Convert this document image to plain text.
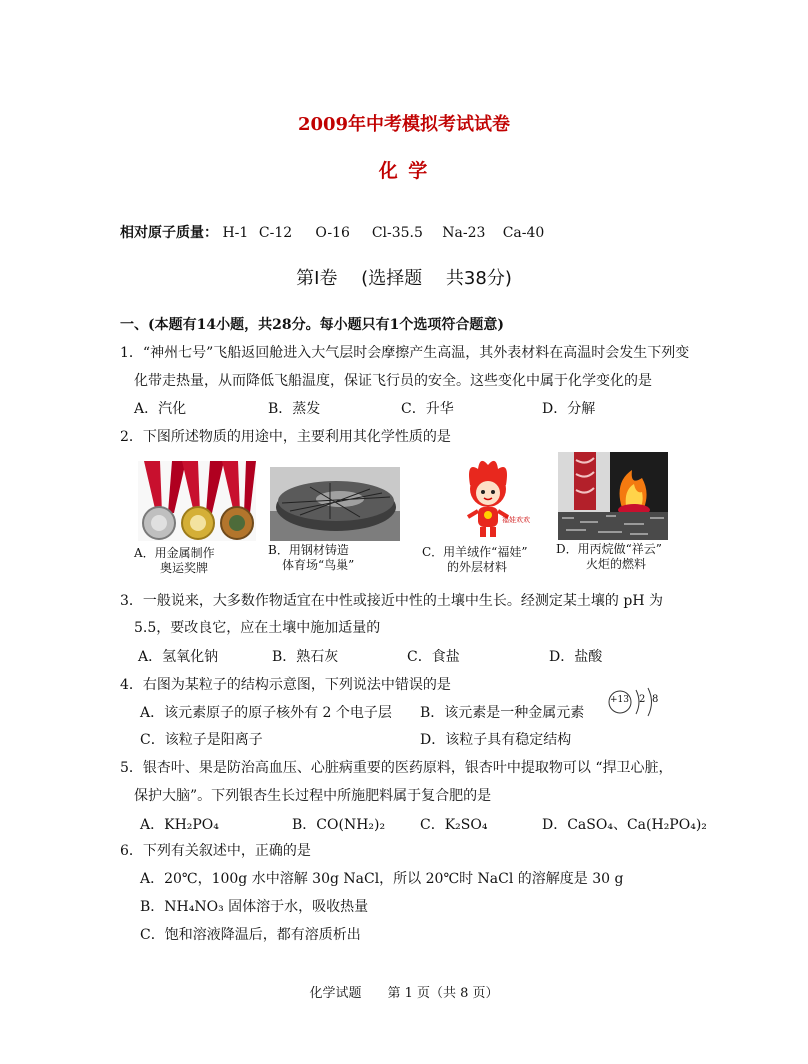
2009年中考模拟考试试卷
化 学
相对原子质量： H-1 C-12 O-16 Cl-35.5 Na-23 Ca-40
第Ⅰ卷　 (选择题　 共38分)
一、(本题有14小题，共28分。每小题只有1个选项符合题意)
1．“神州七号”飞船返回舱进入大气层时会摩擦产生高温，其外表材料在高温时会发生下列变
化带走热量，从而降低飞船温度，保证飞行员的安全。这些变化中属于化学变化的是
A．汽化	B．蒸发	C．升华	D．分解
2．下图所述物质的用途中，主要利用其化学性质的是
A．用金属制作
奥运奖牌
B．用钢材铸造
体育场“鸟巢”
福娃欢欢
C．用羊绒作“福娃”
的外层材料
D．用丙烷做“祥云”
火炬的燃料
3．一般说来，大多数作物适宜在中性或接近中性的土壤中生长。经测定某土壤的 pH 为
5.5，要改良它，应在土壤中施加适量的
A．氢氧化钠	B．熟石灰	C．食盐	D．盐酸
4．右图为某粒子的结构示意图，下列说法中错误的是
A．该元素原子的原子核外有 2 个电子层 B．该元素是一种金属元素
C．该粒子是阳离子	D．该粒子具有稳定结构
+13 2 8
5．银杏叶、果是防治高血压、心脏病重要的医药原料，银杏叶中提取物可以 “捍卫心脏，
保护大脑”。下列银杏生长过程中所施肥料属于复合肥的是
A．KH₂PO₄	B．CO(NH₂)₂ C．K₂SO₄	D．CaSO₄、Ca(H₂PO₄)₂
6．下列有关叙述中，正确的是
A．20℃，100g 水中溶解 30g NaCl，所以 20℃时 NaCl 的溶解度是 30 g
B．NH₄NO₃ 固体溶于水，吸收热量
C．饱和溶液降温后，都有溶质析出
化学试题　　第 1 页（共 8 页）
